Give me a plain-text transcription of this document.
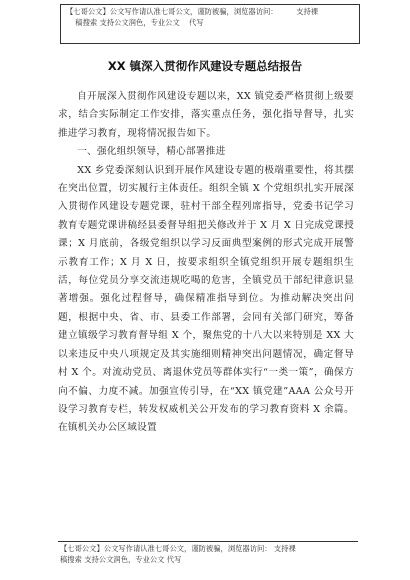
【七哥公文】公文写作请认准七哥公文，谨防被骗，浏览器访问：        支持裸
稿搜索 支持公文润色，专业公文    代写
XX 镇深入贯彻作风建设专题总结报告

自开展深入贯彻作风建设专题以来，XX 镇党委严格贯彻上级要求，结合实际制定工作安排，落实重点任务，强化指导督导，扎实推进学习教育，现将情况报告如下。

一、强化组织领导，精心部署推进

XX 乡党委深刻认识到开展作风建设专题的极端重要性，将其摆在突出位置，切实履行主体责任。组织全镇 X 个党组织扎实开展深入贯彻作风建设专题党课，驻村干部全程列席指导，党委书记学习教育专题党课讲稿经县委督导组把关修改并于 X 月 X 日完成党课授课；X 月底前，各级党组织以学习反面典型案例的形式完成开展警示教育工作；X 月 X 日，按要求组织全镇党组织开展专题组织生活，每位党员分享交流违规吃喝的危害，全镇党员干部纪律意识显著增强。强化过程督导，确保精准指导到位。为推动解决突出问题，根据中央、省、市、县委工作部署，会同有关部门研究，筹备建立镇级学习教育督导组 X 个，聚焦党的十八大以来特别是 XX 大以来违反中央八项规定及其实施细则精神突出问题情况，确定督导村 X 个。对流动党员、离退休党员等群体实行“一类一策”，确保方向不偏、力度不减。加强宣传引导，在“XX 镇党建”AAA 公众号开设学习教育专栏，转发权威机关公开发布的学习教育资料 X 余篇。在镇机关办公区域设置

【七哥公文】公文写作请认准七哥公文，谨防被骗，浏览器访问： 支持裸
稿搜索 支持公文润色，专业公文 代写
